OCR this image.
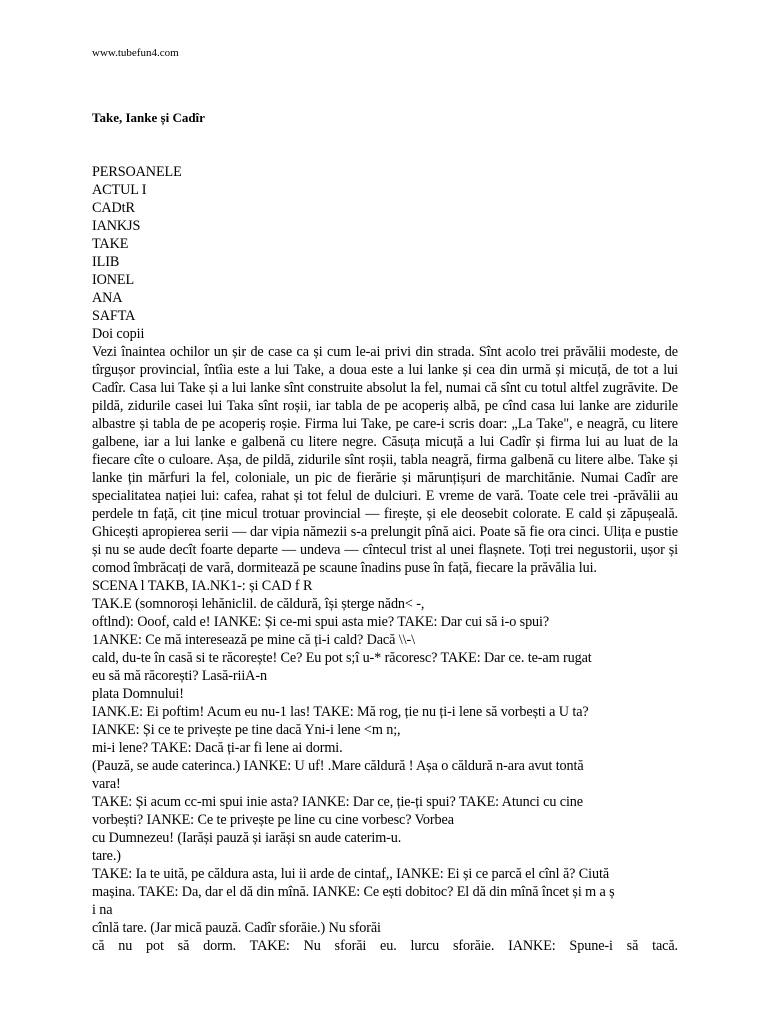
www.tubefun4.com
Take, Ianke și Cadîr

PERSOANELE

ACTUL I

CADtR

IANKJS

TAKE

ILIB

IONEL

ANA

SAFTA

Doi copii

Vezi înaintea ochilor un șir de case ca și cum le-ai privi din strada. Sînt acolo trei prăvălii modeste, de tîrgușor provincial, întîia este a lui Take, a doua este a lui lanke și cea din urmă și micuță, de tot a lui Cadîr. Casa lui Take și a lui lanke sînt construite absolut la fel, numai că sînt cu totul altfel zugrăvite. De pildă, zidurile casei lui Taka sînt roșii, iar tabla de pe acoperiș albă, pe cînd casa lui lanke are zidurile albastre și tabla de pe acoperiș roșie. Firma lui Take, pe care-i scris doar: „La Take", e neagră, cu litere galbene, iar a lui lanke e galbenă cu litere negre. Căsuța micuță a lui Cadîr și firma lui au luat de la fiecare cîte o culoare. Așa, de pildă, zidurile sînt roșii, tabla neagră, firma galbenă cu litere albe. Take și lanke țin mărfuri la fel, coloniale, un pic de fierărie și mărunțișuri de marchităniе. Numai Cadîr are specialitatea nației lui: cafea, rahat și tot felul de dulciuri. E vreme de vară. Toate cele trei -prăvălii au perdele tn față, cit ține micul trotuar provincial — firește, și ele deosebit colorate. E cald și zăpușeală. Ghicești apropierea serii — dar vipia nămezii s-a prelungit pînă aici. Poate să fie ora cinci. Ulița e pustie și nu se aude decît foarte departe — undeva — cîntecul trist al unei flașnete. Toți trei negustorii, ușor și comod îmbrăcați de vară, dormitează pe scaune înadins puse în față, fiecare la prăvălia lui.

SCENA l TAKB, IA.NK1-: și CAD f R

TAK.E (somnoroși lehăniclil. de căldură, își șterge nădn< -,

oftlnd): Ooof, cald e! IANKE: Și ce-mi spui asta mie? TAKE: Dar cui să i-o spui?

1ANKE: Ce mă interesează pe mine că ți-i cald? Dacă \\-\

cald, du-te în casă si te răcorește! Ce? Eu pot s;î u-* răcoresc? TAKE: Dar ce. te-am rugat

eu să mă răcorești? Lasă-riiA-n

plata Domnului!

IANK.E: Ei poftim! Acum eu nu-1 las! TAKE: Mă rog, ție nu ți-i lene să vorbești a U ta?

IANKE: Și ce te privește pe tine dacă Yni-i lene <m n;,

mi-i lene? TAKE: Dacă ți-ar fi lene ai dormi.

(Pauză, se aude caterinca.) IANKE: U uf! .Mare căldură ! Așa o căldură n-ara avut tontă

vara!

TAKE: Și acum cc-mi spui inie asta? IANKE: Dar ce, ție-ți spui? TAKE: Atunci cu cine

vorbești? IANKE: Ce te privește pe line cu cine vorbesc? Vorbea

cu Dumnezeu! (Iarăși pauză și iarăși sn aude caterim-u.

tare.)

TAKE: Ia te uită, pe căldura asta, lui ii arde de cintaf,, IANKE: Ei și ce parcă el cînl ă? Ciută

mașina. TAKE: Da, dar el dă din mînă. IANKE: Ce ești dobitoc? El dă din mînă încet și m a ș

i na

cînlă tare. (Jar mică pauză. Cadîr sforăie.) Nu sforăi

că nu pot să dorm. TAKE: Nu sforăi eu. lurcu sforăie. IANKE: Spune-i să tacă.
